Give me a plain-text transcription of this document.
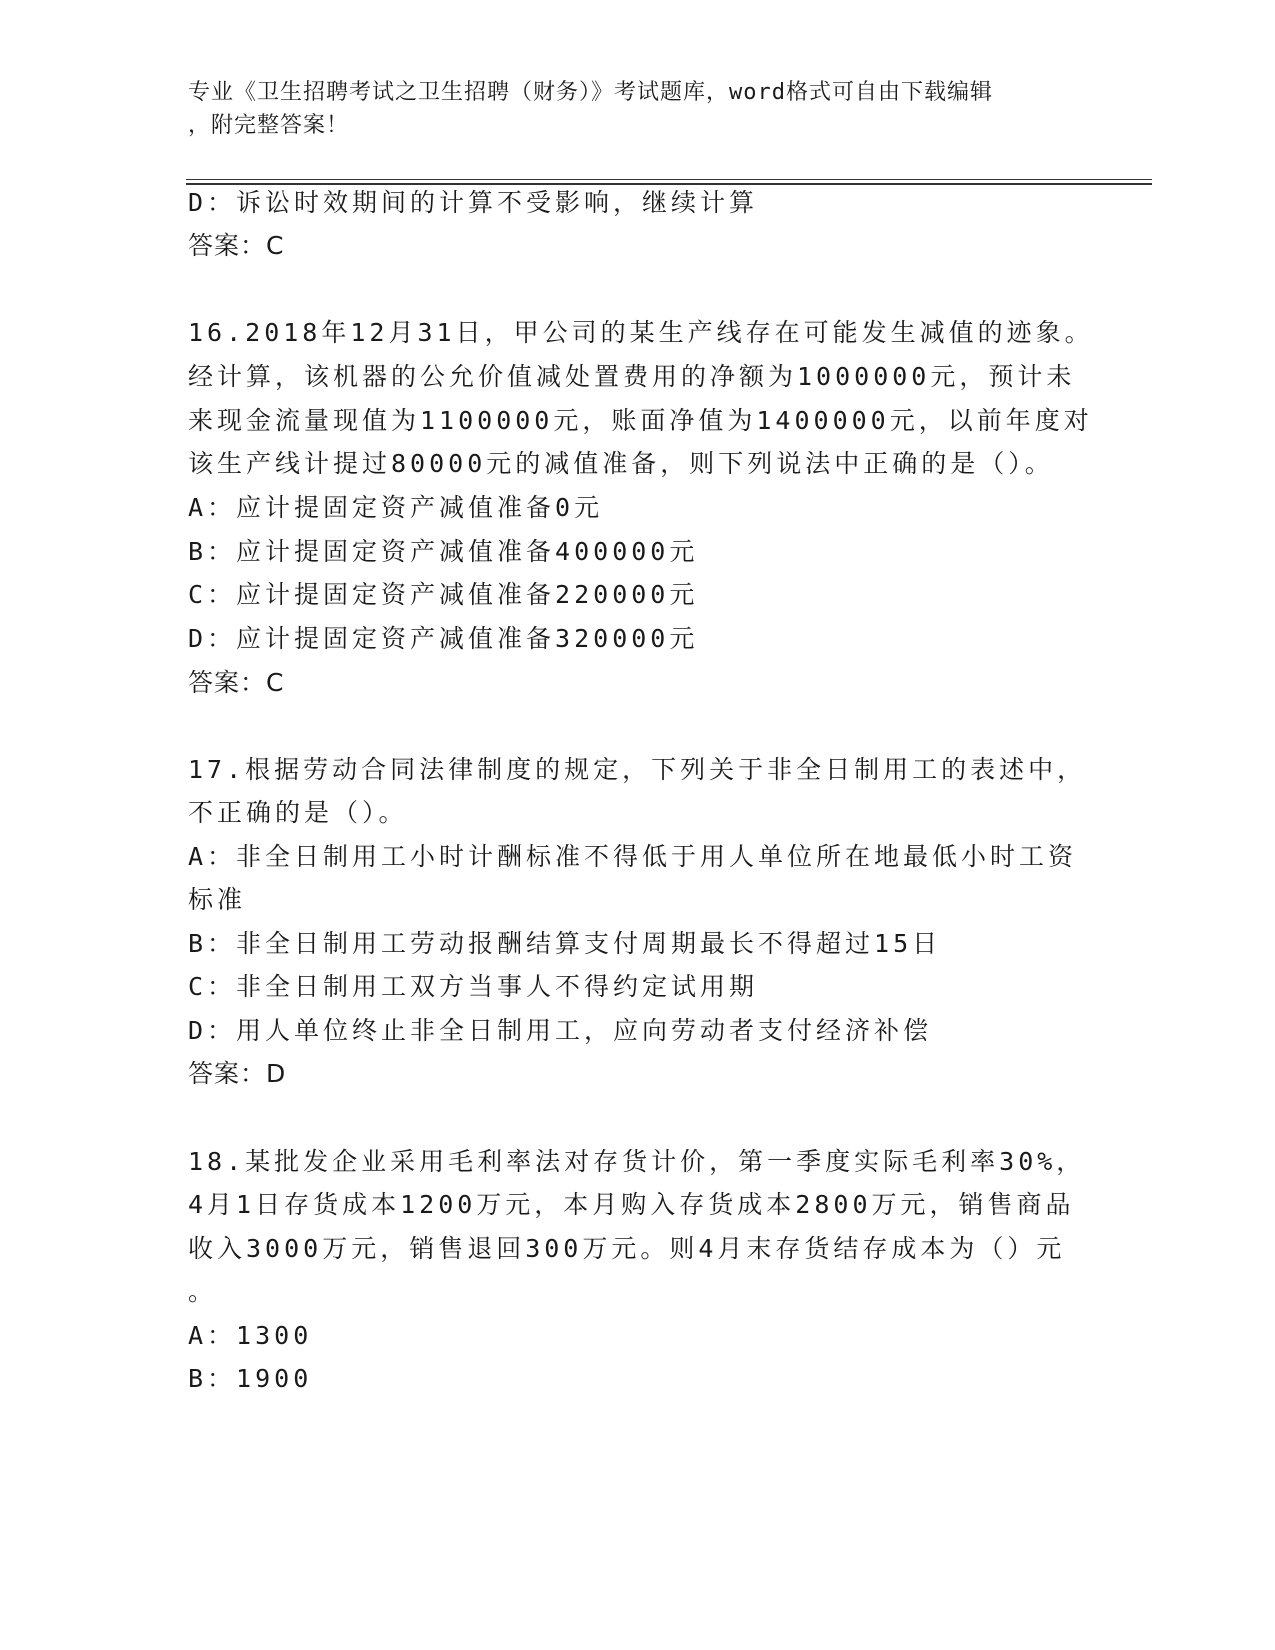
专业《卫生招聘考试之卫生招聘（财务）》考试题库，word格式可自由下载编辑
，附完整答案！
D：诉讼时效期间的计算不受影响，继续计算
答案：C
16.2018年12月31日，甲公司的某生产线存在可能发生减值的迹象。
经计算，该机器的公允价值减处置费用的净额为1000000元，预计未
来现金流量现值为1100000元，账面净值为1400000元，以前年度对
该生产线计提过80000元的减值准备，则下列说法中正确的是（）。
A：应计提固定资产减值准备0元
B：应计提固定资产减值准备400000元
C：应计提固定资产减值准备220000元
D：应计提固定资产减值准备320000元
答案：C
17.根据劳动合同法律制度的规定，下列关于非全日制用工的表述中，
不正确的是（）。
A：非全日制用工小时计酬标准不得低于用人单位所在地最低小时工资
标准
B：非全日制用工劳动报酬结算支付周期最长不得超过15日
C：非全日制用工双方当事人不得约定试用期
D：用人单位终止非全日制用工，应向劳动者支付经济补偿
答案：D
18.某批发企业采用毛利率法对存货计价，第一季度实际毛利率30%，
4月1日存货成本1200万元，本月购入存货成本2800万元，销售商品
收入3000万元，销售退回300万元。则4月末存货结存成本为（）元
。
A：1300
B：1900
